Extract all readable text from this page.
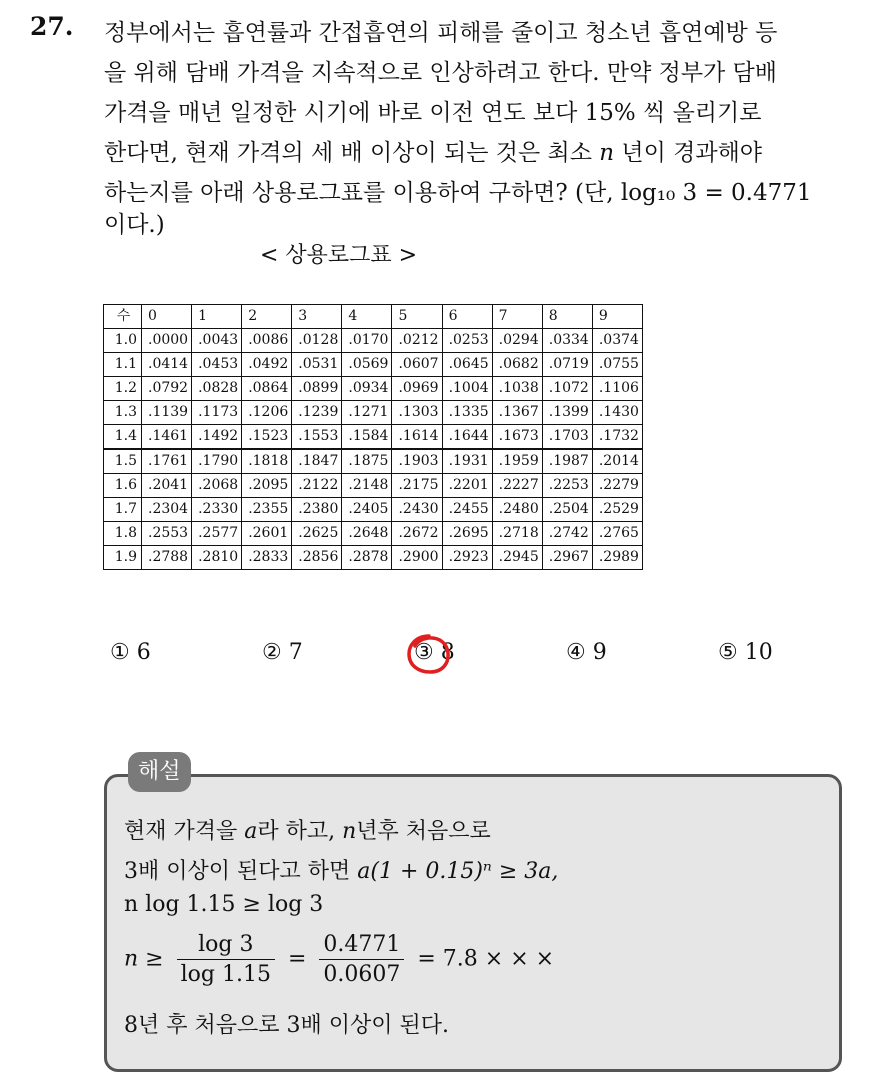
27. 정부에서는 흡연률과 간접흡연의 피해를 줄이고 청소년 흡연예방 등
을 위해 담배 가격을 지속적으로 인상하려고 한다. 만약 정부가 담배
가격을 매년 일정한 시기에 바로 이전 연도 보다 15% 씩 올리기로
한다면, 현재 가격의 세 배 이상이 되는 것은 최소 n 년이 경과해야
하는지를 아래 상용로그표를 이용하여 구하면? (단, log₁₀ 3 = 0.4771
이다.)
< 상용로그표 >
수	0	1	2	3	4	5	6	7	8	9
1.0	.0000	.0043	.0086	.0128	.0170	.0212	.0253	.0294	.0334	.0374
1.1	.0414	.0453	.0492	.0531	.0569	.0607	.0645	.0682	.0719	.0755
1.2	.0792	.0828	.0864	.0899	.0934	.0969	.1004	.1038	.1072	.1106
1.3	.1139	.1173	.1206	.1239	.1271	.1303	.1335	.1367	.1399	.1430
1.4	.1461	.1492	.1523	.1553	.1584	.1614	.1644	.1673	.1703	.1732
1.5	.1761	.1790	.1818	.1847	.1875	.1903	.1931	.1959	.1987	.2014
1.6	.2041	.2068	.2095	.2122	.2148	.2175	.2201	.2227	.2253	.2279
1.7	.2304	.2330	.2355	.2380	.2405	.2430	.2455	.2480	.2504	.2529
1.8	.2553	.2577	.2601	.2625	.2648	.2672	.2695	.2718	.2742	.2765
1.9	.2788	.2810	.2833	.2856	.2878	.2900	.2923	.2945	.2967	.2989
① 6	② 7	③ 8	④ 9	⑤ 10
해설
현재 가격을 a라 하고, n년후 처음으로
3배 이상이 된다고 하면 a(1 + 0.15)ⁿ ≥ 3a,
n log 1.15 ≥ log 3
$n \ge \frac{\log 3}{\log 1.15} = \frac{0.4771}{0.0607} = 7.8$ × × ×
8년 후 처음으로 3배 이상이 된다.
